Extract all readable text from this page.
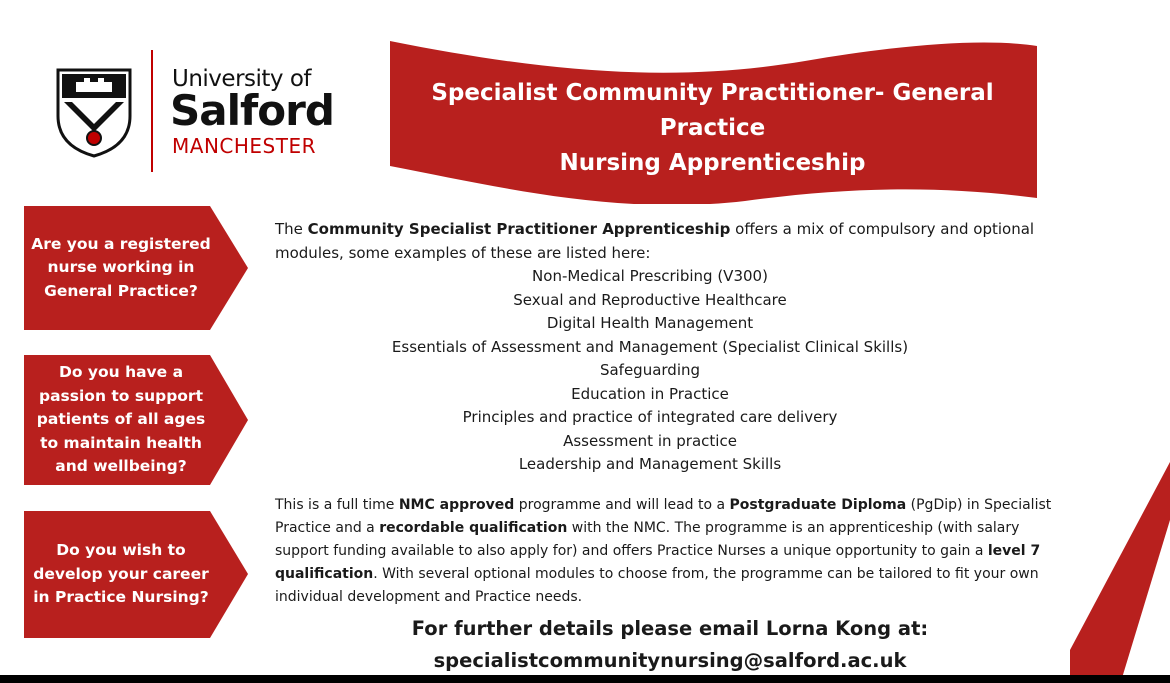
University of
Salford
MANCHESTER
Specialist Community Practitioner- General Practice
Nursing Apprenticeship
Are you a registered nurse working in General Practice?
Do you have a passion to support patients of all ages to maintain health and wellbeing?
Do you wish to develop your career in Practice Nursing?
The Community Specialist Practitioner Apprenticeship offers a mix of compulsory and optional modules, some examples of these are listed here:
Non-Medical Prescribing (V300)
Sexual and Reproductive Healthcare
Digital Health Management
Essentials of Assessment and Management (Specialist Clinical Skills)
Safeguarding
Education in Practice
Principles and practice of integrated care delivery
Assessment in practice
Leadership and Management Skills
This is a full time NMC approved programme and will lead to a Postgraduate Diploma (PgDip) in Specialist Practice and a recordable qualification with the NMC. The programme is an apprenticeship (with salary support funding available to also apply for) and offers Practice Nurses a unique opportunity to gain a level 7 qualification. With several optional modules to choose from, the programme can be tailored to fit your own individual development and Practice needs.
For further details please email Lorna Kong at:
specialistcommunitynursing@salford.ac.uk
